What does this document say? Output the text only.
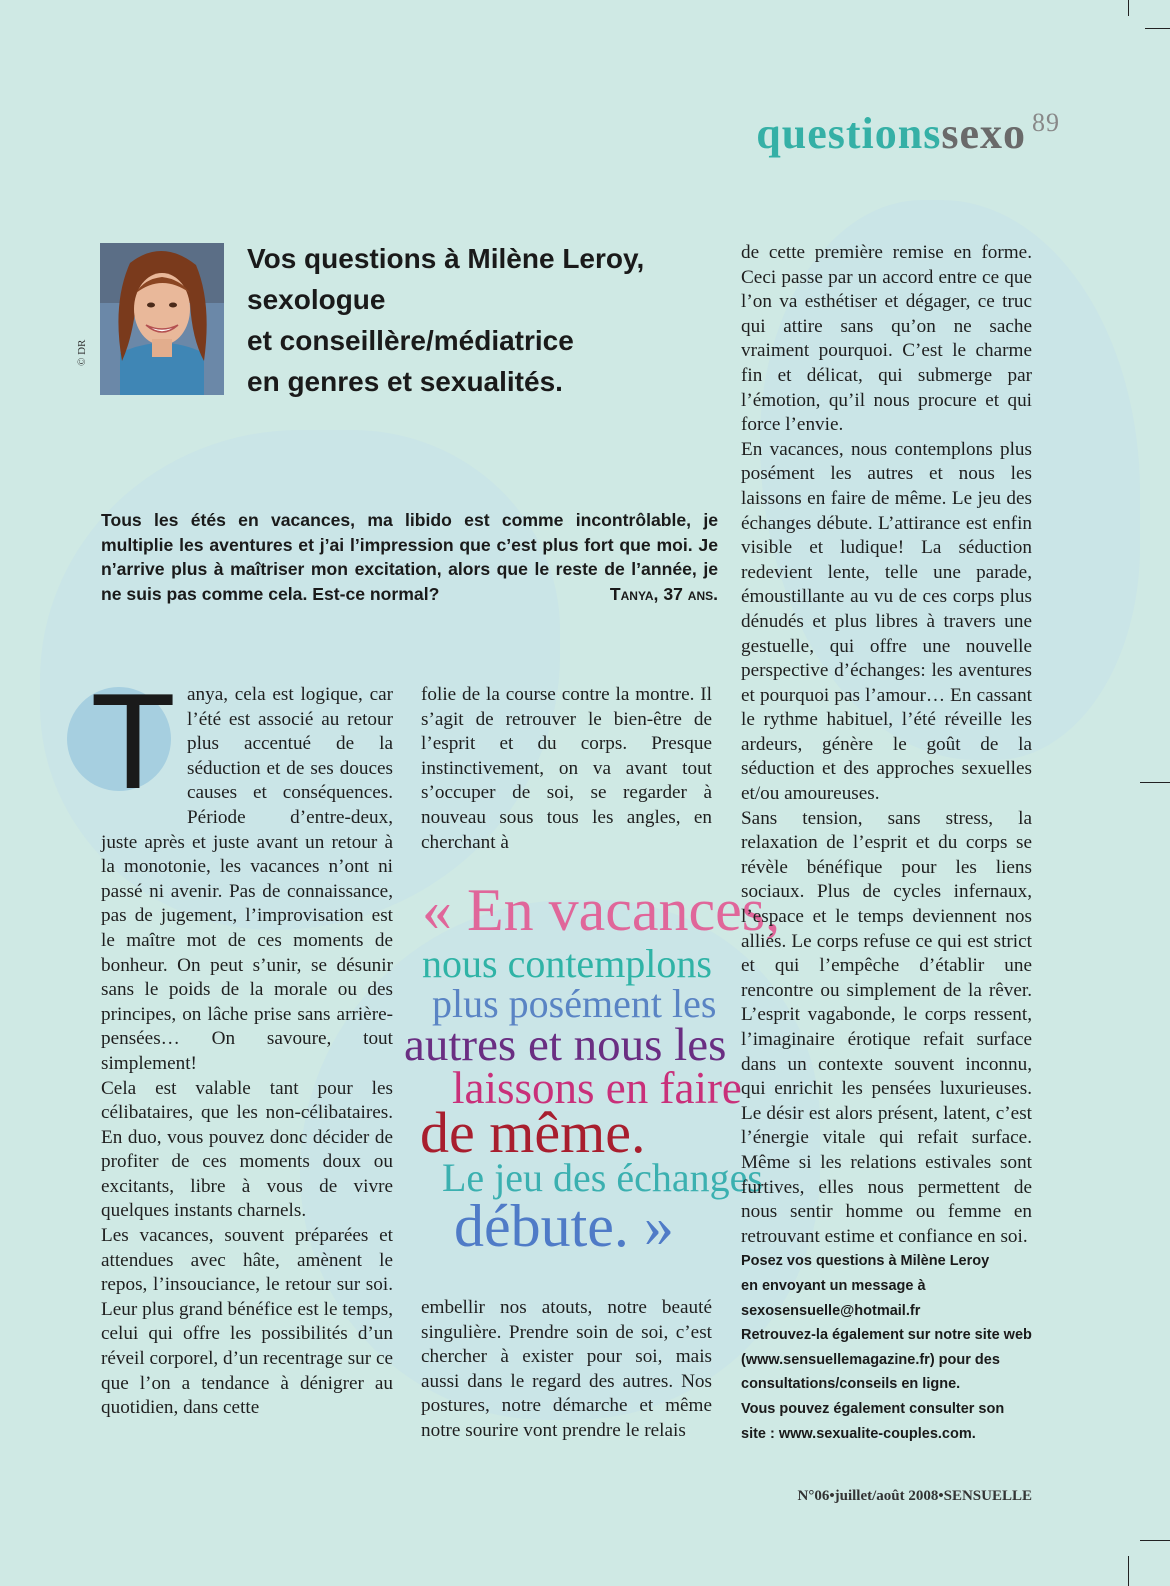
questionssexo $^{89}$
© DR
Vos questions à Milène Leroy,
sexologue
et conseillère/médiatrice
en genres et sexualités.
Tous les étés en vacances, ma libido est comme incontrôlable, je multiplie les aventures et j’ai l’impression que c’est plus fort que moi. Je n’arrive plus à maîtriser mon excitation, alors que le reste de l’année, je ne suis pas comme cela. Est-ce normal?	Tanya, 37 ans.
T anya, cela est logique, car l’été est associé au retour plus accentué de la séduction et de ses douces causes et conséquences. Période d’entre-deux, juste après et juste avant un retour à la monotonie, les vacances n’ont ni passé ni avenir. Pas de connaissance, pas de jugement, l’improvisation est le maître mot de ces moments de bonheur. On peut s’unir, se désunir sans le poids de la morale ou des principes, on lâche prise sans arrière-pensées… On savoure, tout simplement!

Cela est valable tant pour les célibataires, que les non-célibataires. En duo, vous pouvez donc décider de profiter de ces moments doux ou excitants, libre à vous de vivre quelques instants charnels.

Les vacances, souvent préparées et attendues avec hâte, amènent le repos, l’insouciance, le retour sur soi. Leur plus grand bénéfice est le temps, celui qui offre les possibilités d’un réveil corporel, d’un recentrage sur ce que l’on a tendance à dénigrer au quotidien, dans cette

folie de la course contre la montre. Il s’agit de retrouver le bien-être de l’esprit et du corps. Presque instinctivement, on va avant tout s’occuper de soi, se regarder à nouveau sous tous les angles, en cherchant à

« En vacances,
nous contemplons
plus posément les
autres et nous les
laissons en faire
de même.
Le jeu des échanges
débute. »

embellir nos atouts, notre beauté singulière. Prendre soin de soi, c’est chercher à exister pour soi, mais aussi dans le regard des autres. Nos postures, notre démarche et même notre sourire vont prendre le relais

de cette première remise en forme. Ceci passe par un accord entre ce que l’on va esthétiser et dégager, ce truc qui attire sans qu’on ne sache vraiment pourquoi. C’est le charme fin et délicat, qui submerge par l’émotion, qu’il nous procure et qui force l’envie.

En vacances, nous contemplons plus posément les autres et nous les laissons en faire de même. Le jeu des échanges débute. L’attirance est enfin visible et ludique! La séduction redevient lente, telle une parade, émoustillante au vu de ces corps plus dénudés et plus libres à travers une gestuelle, qui offre une nouvelle perspective d’échanges: les aventures et pourquoi pas l’amour… En cassant le rythme habituel, l’été réveille les ardeurs, génère le goût de la séduction et des approches sexuelles et/ou amoureuses.

Sans tension, sans stress, la relaxation de l’esprit et du corps se révèle bénéfique pour les liens sociaux. Plus de cycles infernaux, l’espace et le temps deviennent nos alliés. Le corps refuse ce qui est strict et qui l’empêche d’établir une rencontre ou simplement de la rêver. L’esprit vagabonde, le corps ressent, l’imaginaire érotique refait surface dans un contexte souvent inconnu, qui enrichit les pensées luxurieuses. Le désir est alors présent, latent, c’est l’énergie vitale qui refait surface. Même si les relations estivales sont furtives, elles nous permettent de nous sentir homme ou femme en retrouvant estime et confiance en soi.

Posez vos questions à Milène Leroy
en envoyant un message à
sexosensuelle@hotmail.fr
Retrouvez-la également sur notre site web (www.sensuellemagazine.fr) pour des consultations/conseils en ligne.
Vous pouvez également consulter son site : www.sexualite-couples.com.
N°06•juillet/août 2008•SENSUELLE
